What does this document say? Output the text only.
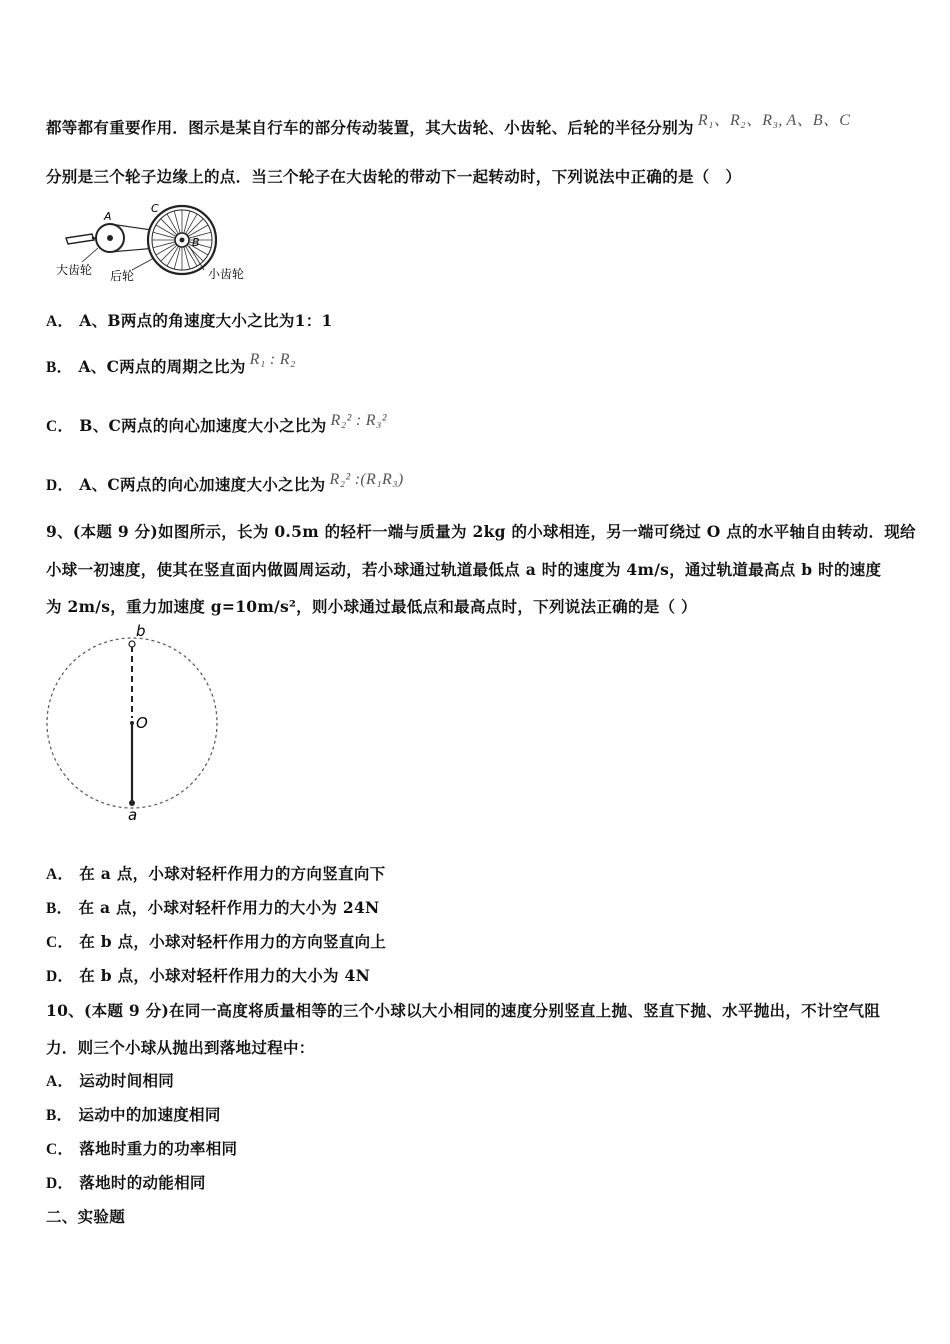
都等都有重要作用．图示是某自行车的部分传动装置，其大齿轮、小齿轮、后轮的半径分别为 R₁、R₂、R₃, A、B、C
分别是三个轮子边缘上的点．当三个轮子在大齿轮的带动下一起转动时，下列说法中正确的是（　）
A
C
B
大齿轮 后轮	小齿轮
A． A、B两点的角速度大小之比为1：1
B． A、C两点的周期之比为 R₁ : R₂
C． B、C两点的向心加速度大小之比为 R₂² : R₃²
D． A、C两点的向心加速度大小之比为 R₂² :(R₁R₃)
9、(本题 9 分)如图所示，长为 0.5m 的轻杆一端与质量为 2kg 的小球相连，另一端可绕过 O 点的水平轴自由转动．现给
小球一初速度，使其在竖直面内做圆周运动，若小球通过轨道最低点 a 时的速度为 4m/s，通过轨道最高点 b 时的速度
为 2m/s，重力加速度 g=10m/s²，则小球通过最低点和最高点时，下列说法正确的是（ ）
b
O
a
A． 在 a 点，小球对轻杆作用力的方向竖直向下
B． 在 a 点，小球对轻杆作用力的大小为 24N
C． 在 b 点，小球对轻杆作用力的方向竖直向上
D． 在 b 点，小球对轻杆作用力的大小为 4N
10、(本题 9 分)在同一高度将质量相等的三个小球以大小相同的速度分别竖直上抛、竖直下抛、水平抛出，不计空气阻
力．则三个小球从抛出到落地过程中：
A． 运动时间相同
B． 运动中的加速度相同
C． 落地时重力的功率相同
D． 落地时的动能相同
二、实验题
